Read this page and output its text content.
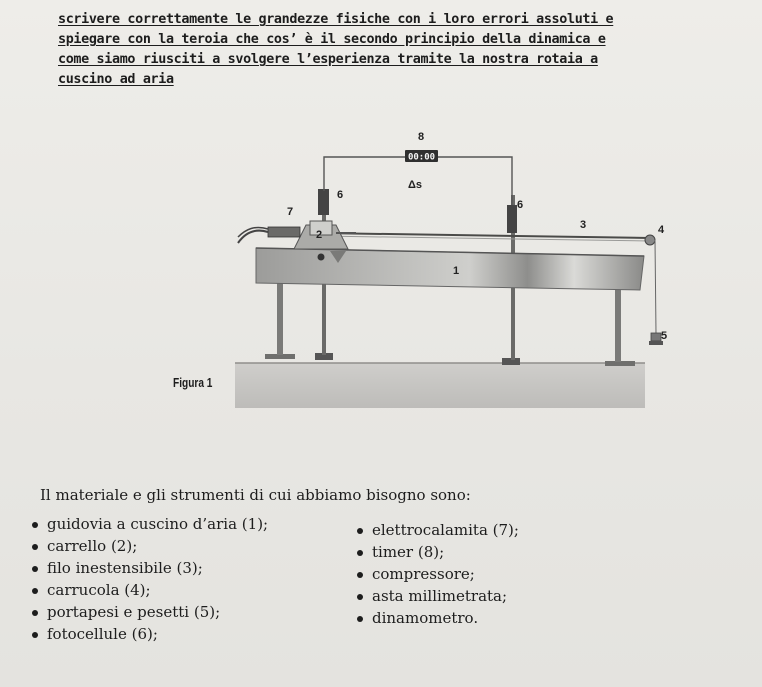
scrivere correttamente le grandezze fisiche con i loro errori assoluti e
spiegare con la teroia che cos’ è il secondo principio della dinamica e
come siamo riusciti a svolgere l’esperienza tramite la nostra rotaia a
cuscino ad aria
00:00
8
Δs
6
6
7
2
3	4
1
5
Figura 1
Il materiale e gli strumenti di cui abbiamo bisogno sono:
guidovia a cuscino d’aria (1);
carrello (2);
filo inestensibile (3);
carrucola (4);
portapesi e pesetti (5);
fotocellule (6);
elettrocalamita (7);
timer (8);
compressore;
asta millimetrata;
dinamometro.
